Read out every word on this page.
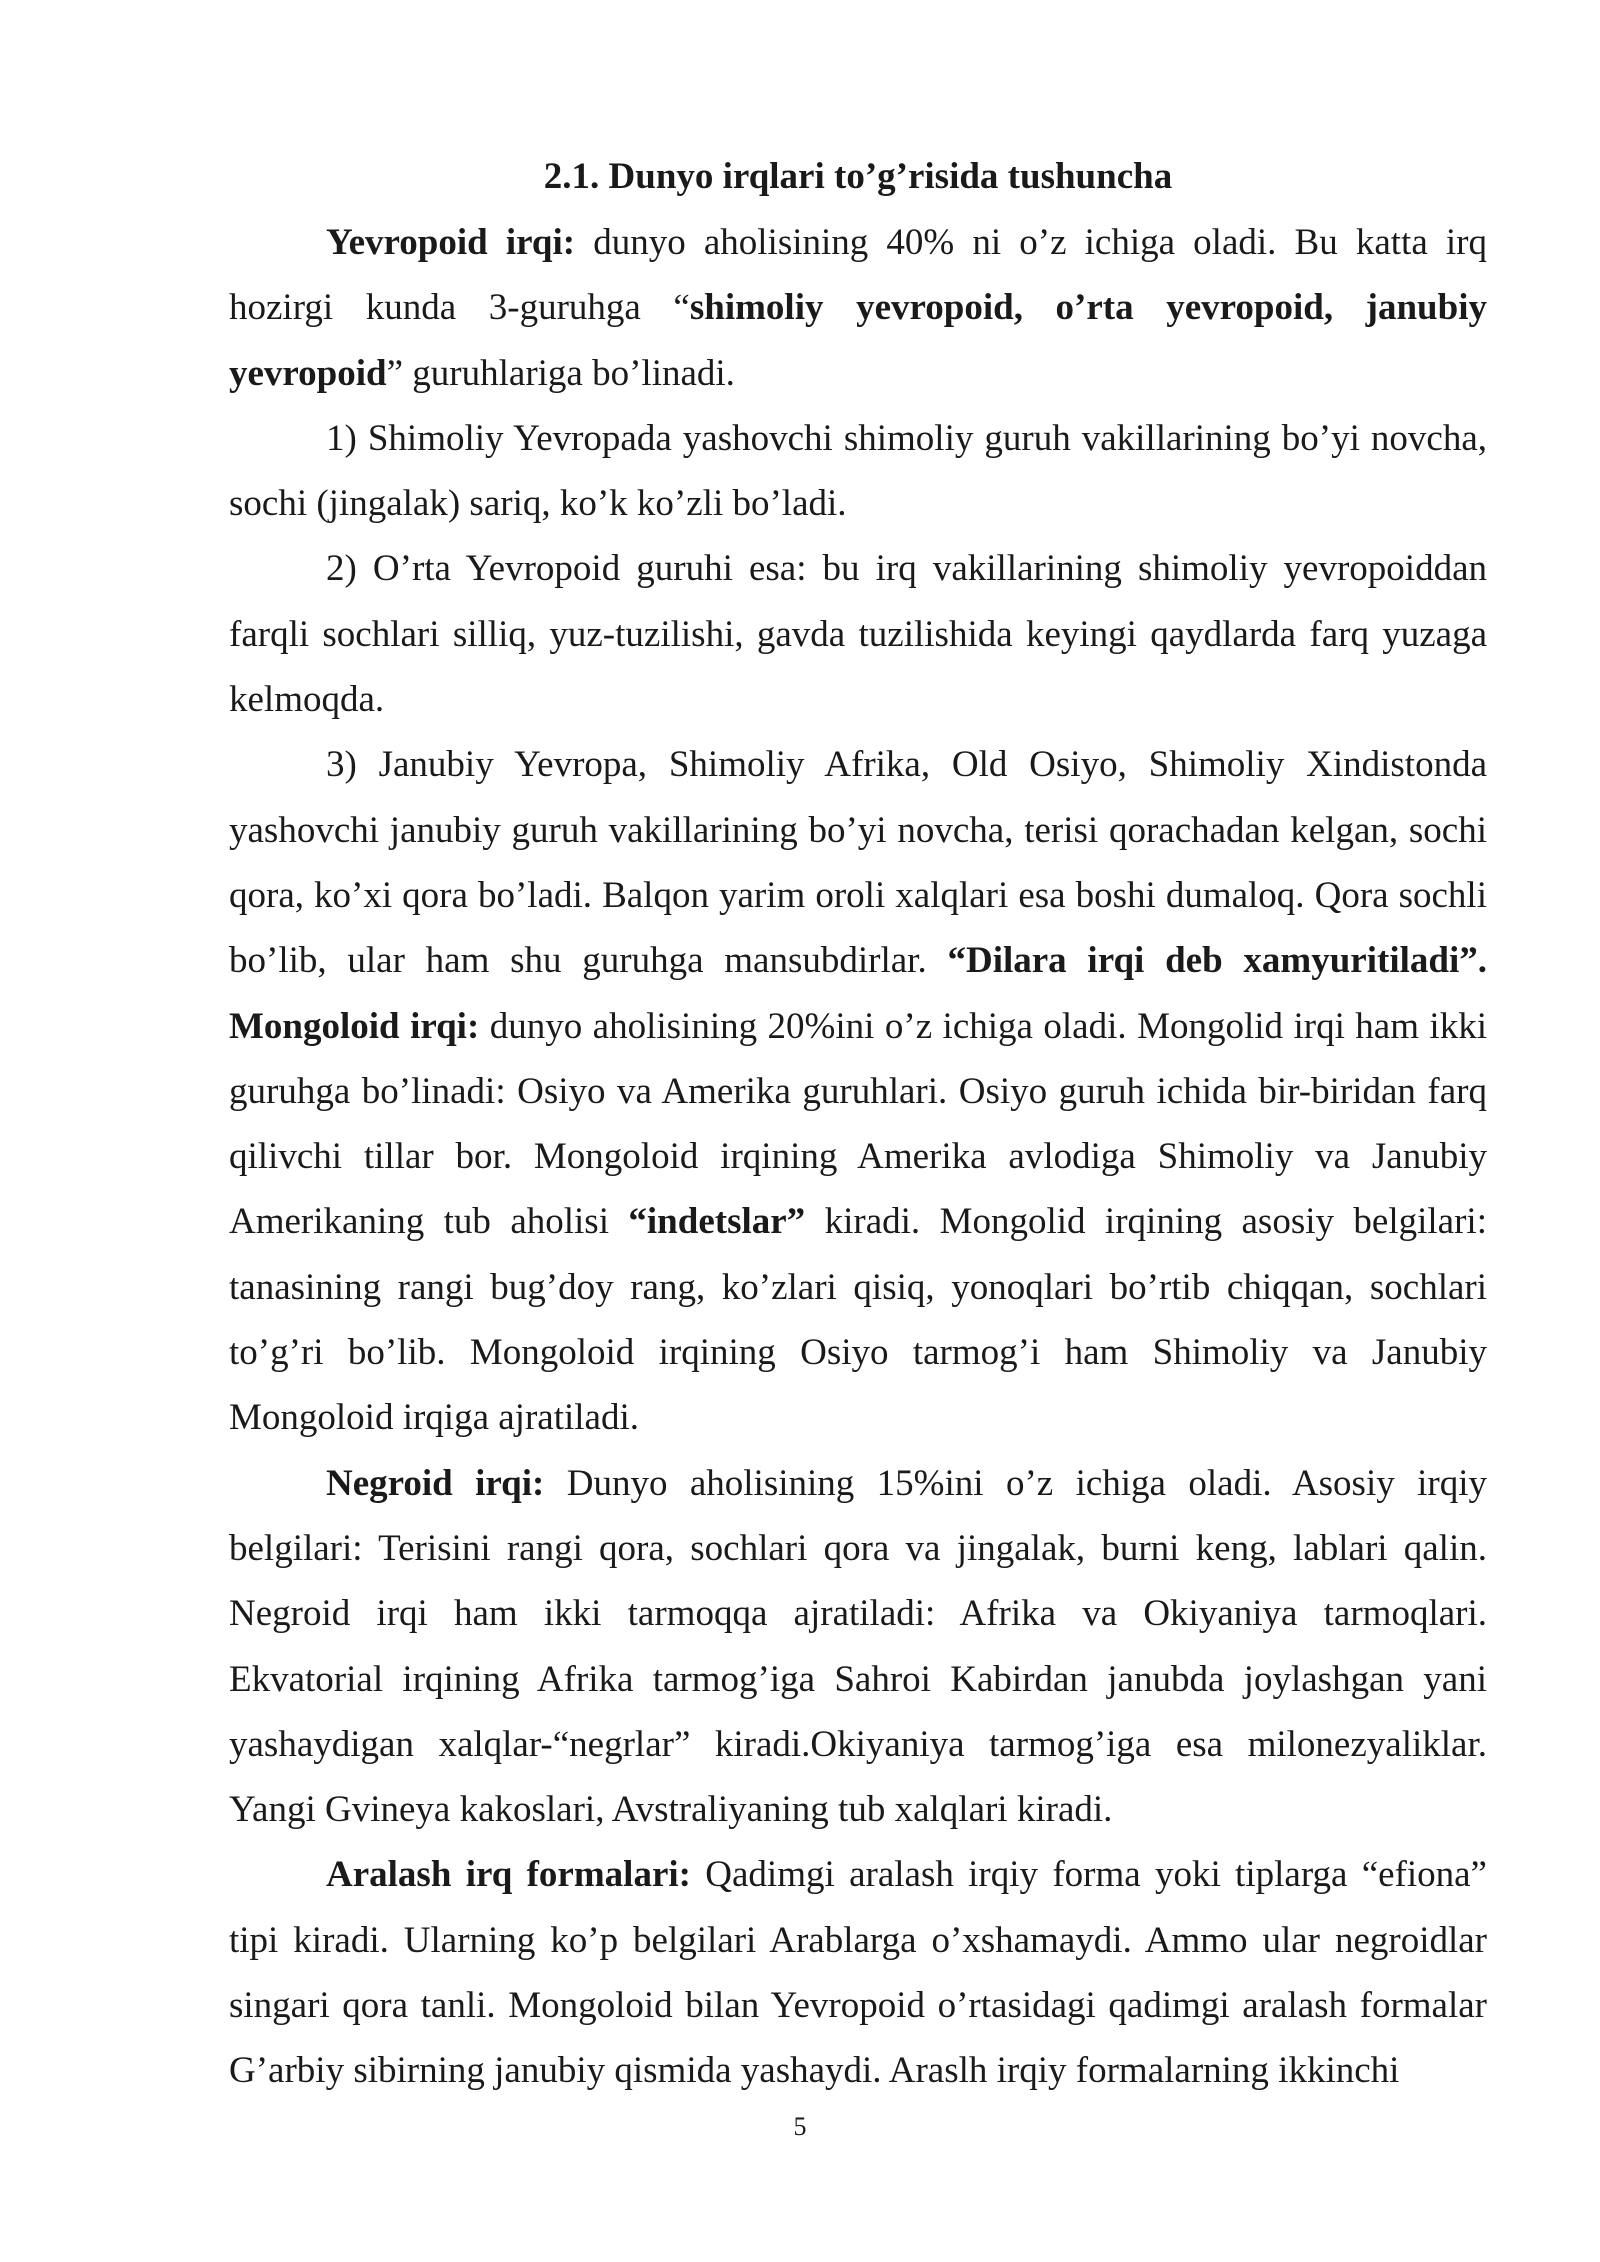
2.1. Dunyo irqlari to’g’risida tushuncha

Yevropoid irqi: dunyo aholisining 40% ni o’z ichiga oladi. Bu katta irq hozirgi kunda 3-guruhga “shimoliy yevropoid, o’rta yevropoid, janubiy yevropoid” guruhlariga bo’linadi.

1) Shimoliy Yevropada yashovchi shimoliy guruh vakillarining bo’yi novcha, sochi (jingalak) sariq, ko’k ko’zli bo’ladi.

2) O’rta Yevropoid guruhi esa: bu irq vakillarining shimoliy yevropoiddan farqli sochlari silliq, yuz-tuzilishi, gavda tuzilishida keyingi qaydlarda farq yuzaga kelmoqda.

3) Janubiy Yevropa, Shimoliy Afrika, Old Osiyo, Shimoliy Xindistonda yashovchi janubiy guruh vakillarining bo’yi novcha, terisi qorachadan kelgan, sochi qora, ko’xi qora bo’ladi. Balqon yarim oroli xalqlari esa boshi dumaloq. Qora sochli bo’lib, ular ham shu guruhga mansubdirlar. “Dilara irqi deb xamyuritiladi”. Mongoloid irqi: dunyo aholisining 20%ini o’z ichiga oladi. Mongolid irqi ham ikki guruhga bo’linadi: Osiyo va Amerika guruhlari. Osiyo guruh ichida bir-biridan farq qilivchi tillar bor. Mongoloid irqining Amerika avlodiga Shimoliy va Janubiy Amerikaning tub aholisi “indetslar” kiradi. Mongolid irqining asosiy belgilari: tanasining rangi bug’doy rang, ko’zlari qisiq, yonoqlari bo’rtib chiqqan, sochlari to’g’ri bo’lib. Mongoloid irqining Osiyo tarmog’i ham Shimoliy va Janubiy Mongoloid irqiga ajratiladi.

Negroid irqi: Dunyo aholisining 15%ini o’z ichiga oladi. Asosiy irqiy belgilari: Terisini rangi qora, sochlari qora va jingalak, burni keng, lablari qalin. Negroid irqi ham ikki tarmoqqa ajratiladi: Afrika va Okiyaniya tarmoqlari. Ekvatorial irqining Afrika tarmog’iga Sahroi Kabirdan janubda joylashgan yani yashaydigan xalqlar-“negrlar” kiradi.Okiyaniya tarmog’iga esa milonezyaliklar. Yangi Gvineya kakoslari, Avstraliyaning tub xalqlari kiradi.

Aralash irq formalari: Qadimgi aralash irqiy forma yoki tiplarga “efiona” tipi kiradi. Ularning ko’p belgilari Arablarga o’xshamaydi. Ammo ular negroidlar singari qora tanli. Mongoloid bilan Yevropoid o’rtasidagi qadimgi aralash formalar G’arbiy sibirning janubiy qismida yashaydi. Araslh irqiy formalarning ikkinchi

5
